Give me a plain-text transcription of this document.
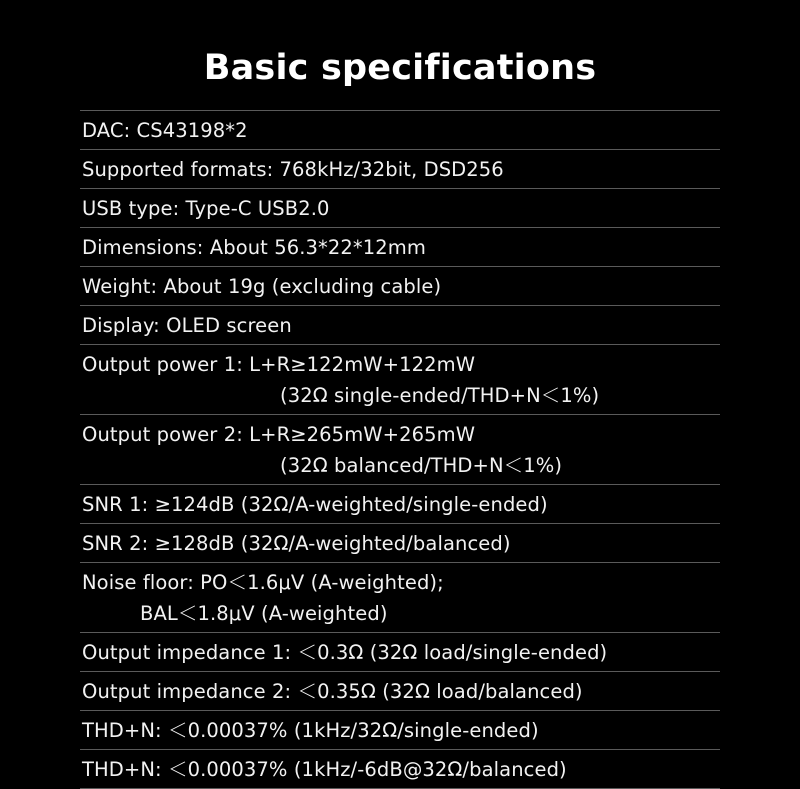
Basic specifications
DAC: CS43198*2
Supported formats: 768kHz/32bit, DSD256
USB type: Type-C USB2.0
Dimensions: About 56.3*22*12mm
Weight: About 19g (excluding cable)
Display: OLED screen
Output power 1: L+R≥122mW+122mW
(32Ω single-ended/THD+N＜1%)
Output power 2: L+R≥265mW+265mW
(32Ω balanced/THD+N＜1%)
SNR 1: ≥124dB (32Ω/A-weighted/single-ended)
SNR 2: ≥128dB (32Ω/A-weighted/balanced)
Noise floor: PO＜1.6μV (A-weighted);
BAL＜1.8μV (A-weighted)
Output impedance 1: ＜0.3Ω (32Ω load/single-ended)
Output impedance 2: ＜0.35Ω (32Ω load/balanced)
THD+N: ＜0.00037% (1kHz/32Ω/single-ended)
THD+N: ＜0.00037% (1kHz/-6dB@32Ω/balanced)
